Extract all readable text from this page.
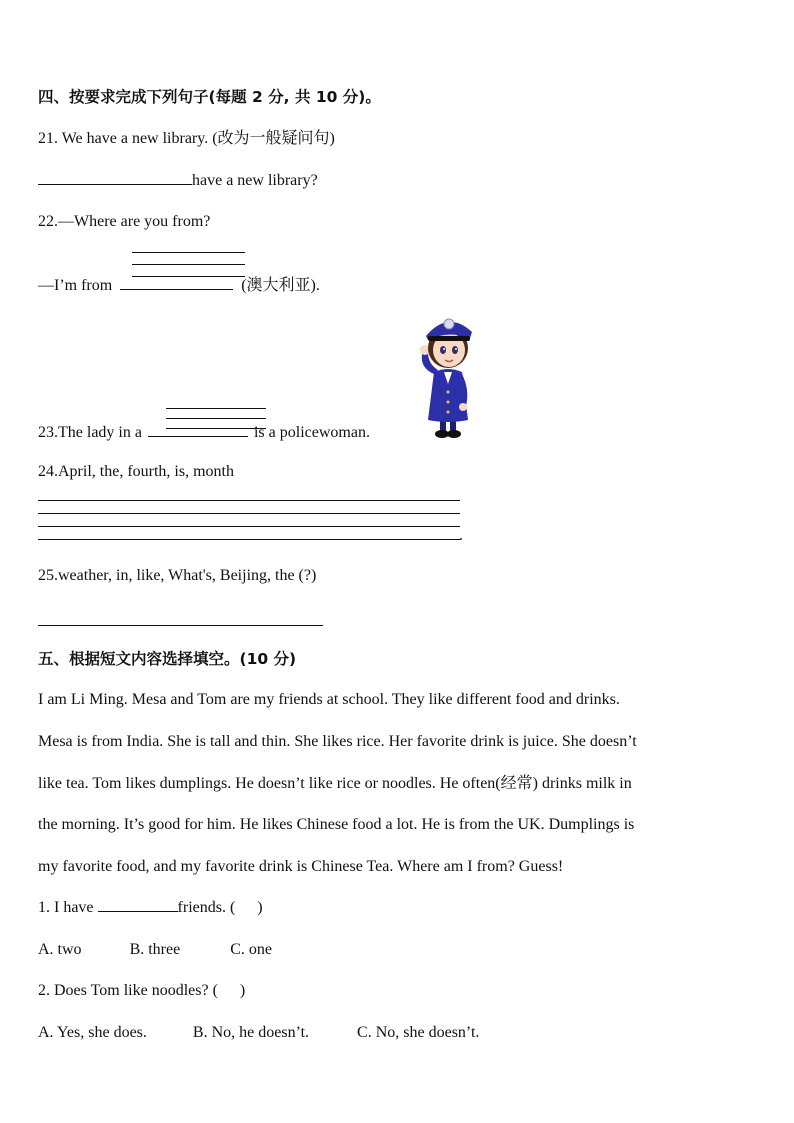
四、按要求完成下列句子(每题 2 分, 共 10 分)。
21. We have a new library. (改为一般疑问句)
have a new library?
22.—Where are you from?
—I’m from	(澳大利亚).
23.The lady in a	is a policewoman.
24.April, the, fourth, is, month
.
25.weather, in, like, What's, Beijing, the (?)
五、根据短文内容选择填空。(10 分)
I am Li Ming. Mesa and Tom are my friends at school. They like different food and drinks.
Mesa is from India. She is tall and thin. She likes rice. Her favorite drink is juice. She doesn’t
like tea. Tom likes dumplings. He doesn’t like rice or noodles. He often(经常) drinks milk in
the morning. It’s good for him. He likes Chinese food a lot. He is from the UK. Dumplings is
my favorite food, and my favorite drink is Chinese Tea. Where am I from? Guess!
1. I have	friends. ( )
A. two	B. three	C. one
2. Does Tom like noodles? ( )
A. Yes, she does.	B. No, he doesn’t.	C. No, she doesn’t.
